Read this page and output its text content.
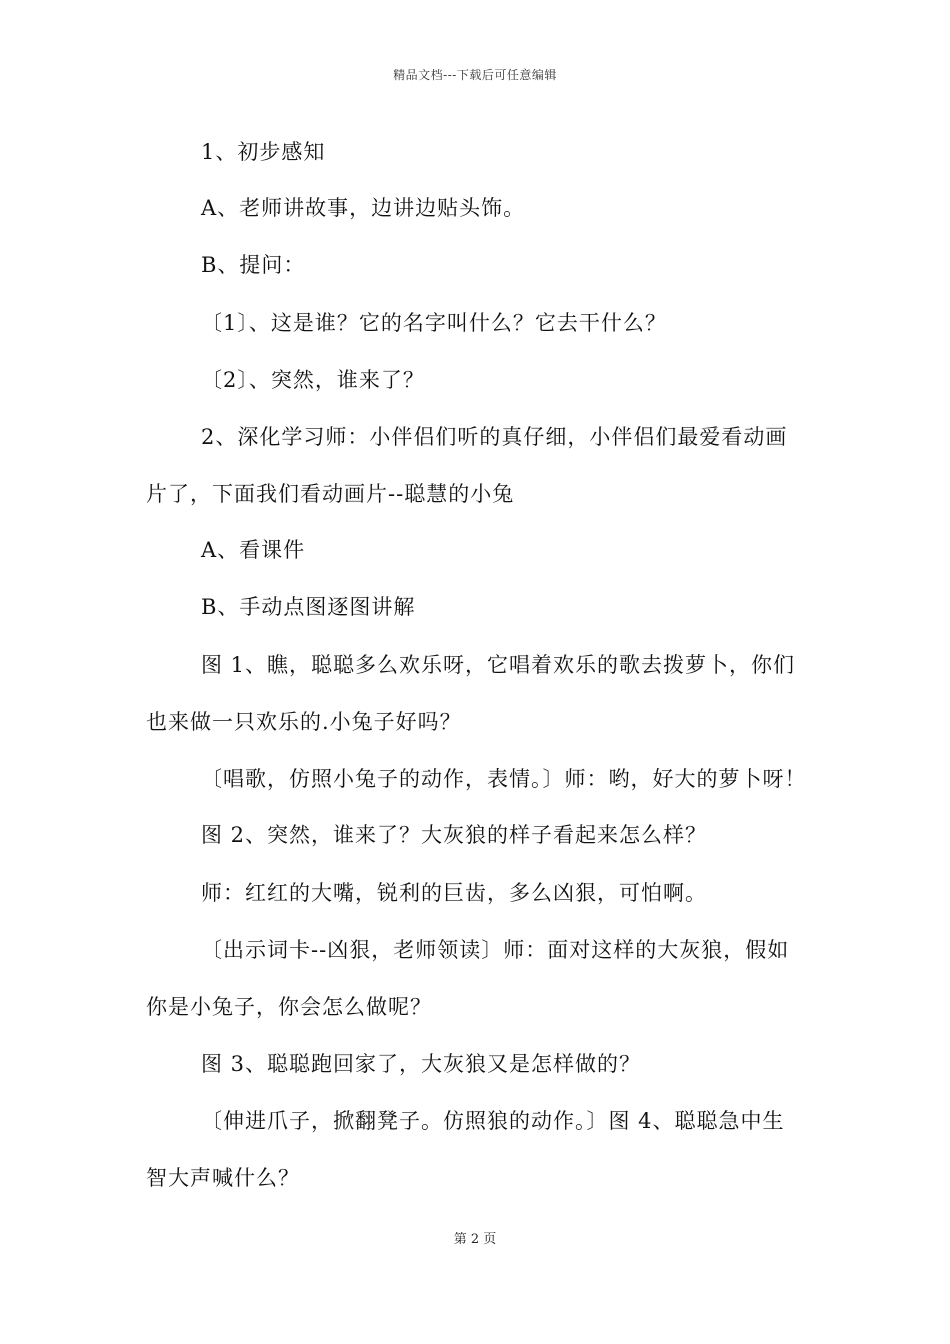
精品文档---下载后可任意编辑
1、初步感知
A、老师讲故事，边讲边贴头饰。
B、提问：
〔1〕、这是谁？它的名字叫什么？它去干什么？
〔2〕、突然，谁来了？
2、深化学习师：小伴侣们听的真仔细，小伴侣们最爱看动画
片了，下面我们看动画片--聪慧的小兔
A、看课件
B、手动点图逐图讲解
图 1、瞧，聪聪多么欢乐呀，它唱着欢乐的歌去拨萝卜，你们
也来做一只欢乐的.小兔子好吗？
〔唱歌，仿照小兔子的动作，表情。〕师：哟，好大的萝卜呀！
图 2、突然，谁来了？大灰狼的样子看起来怎么样？
师：红红的大嘴，锐利的巨齿，多么凶狠，可怕啊。
〔出示词卡--凶狠，老师领读〕师：面对这样的大灰狼，假如
你是小兔子，你会怎么做呢？
图 3、聪聪跑回家了，大灰狼又是怎样做的？
〔伸进爪子，掀翻凳子。仿照狼的动作。〕图 4、聪聪急中生
智大声喊什么？
第 2 页
